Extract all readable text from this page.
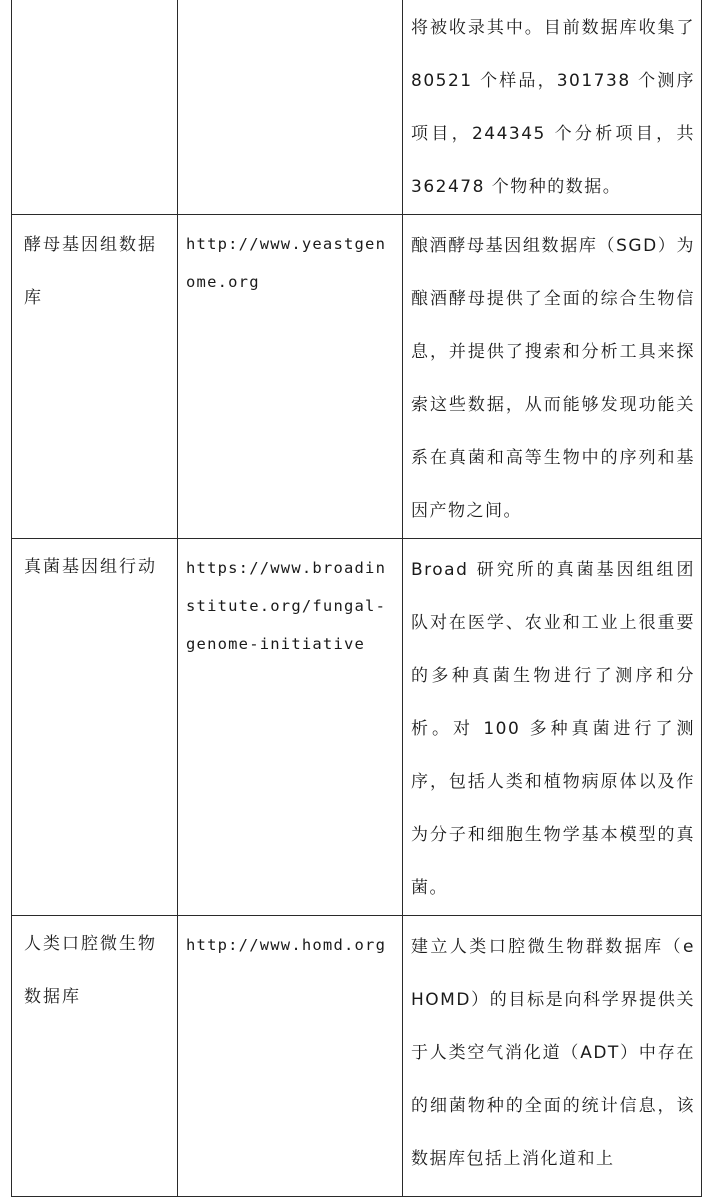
		将被收录其中。目前数据库收集了 80521 个样品，301738 个测序项目，244345 个分析项目，共 362478 个物种的数据。

酵母基因组数据库	http://www.yeastgenome.org	酿酒酵母基因组数据库（SGD）为酿酒酵母提供了全面的综合生物信息，并提供了搜索和分析工具来探索这些数据，从而能够发现功能关系在真菌和高等生物中的序列和基因产物之间。

真菌基因组行动	https://www.broadinstitute.org/fungal-genome-initiative	Broad 研究所的真菌基因组组团队对在医学、农业和工业上很重要的多种真菌生物进行了测序和分析。对 100 多种真菌进行了测序，包括人类和植物病原体以及作为分子和细胞生物学基本模型的真菌。

人类口腔微生物数据库	http://www.homd.org	建立人类口腔微生物群数据库（eHOMD）的目标是向科学界提供关于人类空气消化道（ADT）中存在的细菌物种的全面的统计信息，该数据库包括上消化道和上
